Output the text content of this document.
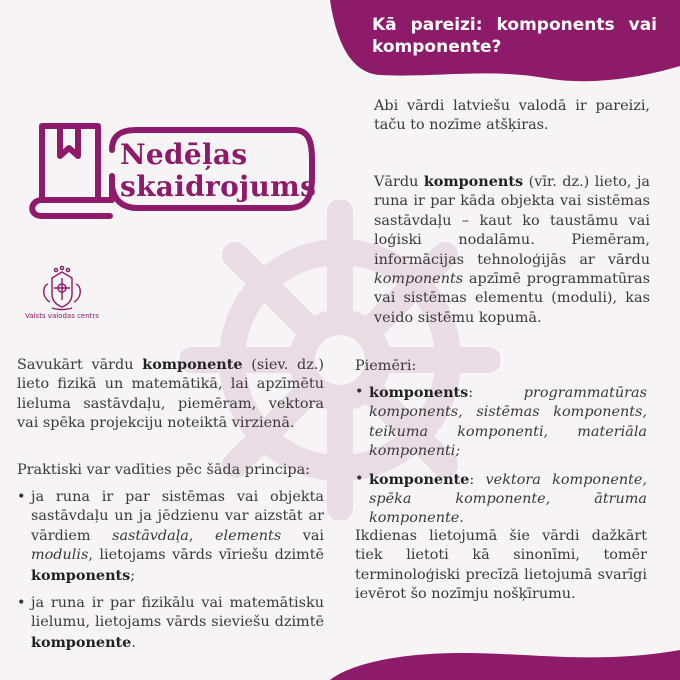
Kā pareizi: komponents vai komponente?
Nedēļas
skaidrojums
Valsts valodas centrs
Abi vārdi latviešu valodā ir pareizi, taču to nozīme atšķiras.
Vārdu komponents (vīr. dz.) lieto, ja runa ir par kāda objekta vai sistēmas sastāvdaļu – kaut ko taustāmu vai loģiski nodalāmu. Piemēram, informācijas tehnoloģijās ar vārdu komponents apzīmē programmatūras vai sistēmas elementu (moduli), kas veido sistēmu kopumā.
Piemēri:
• komponents: programmatūras komponents, sistēmas komponents, teikuma komponenti, materiāla komponenti;
• komponente: vektora komponente, spēka komponente, ātruma komponente.
Ikdienas lietojumā šie vārdi dažkārt tiek lietoti kā sinonīmi, tomēr terminoloģiski precīzā lietojumā svarīgi ievērot šo nozīmju nošķīrumu.
Savukārt vārdu komponente (siev. dz.) lieto fizikā un matemātikā, lai apzīmētu lieluma sastāvdaļu, piemēram, vektora vai spēka projekciju noteiktā virzienā.
Praktiski var vadīties pēc šāda principa:
• ja runa ir par sistēmas vai objekta sastāvdaļu un ja jēdzienu var aizstāt ar vārdiem sastāvdaļa, elements vai modulis, lietojams vārds vīriešu dzimtē komponents;
• ja runa ir par fizikālu vai matemātisku lielumu, lietojams vārds sieviešu dzimtē komponente.
